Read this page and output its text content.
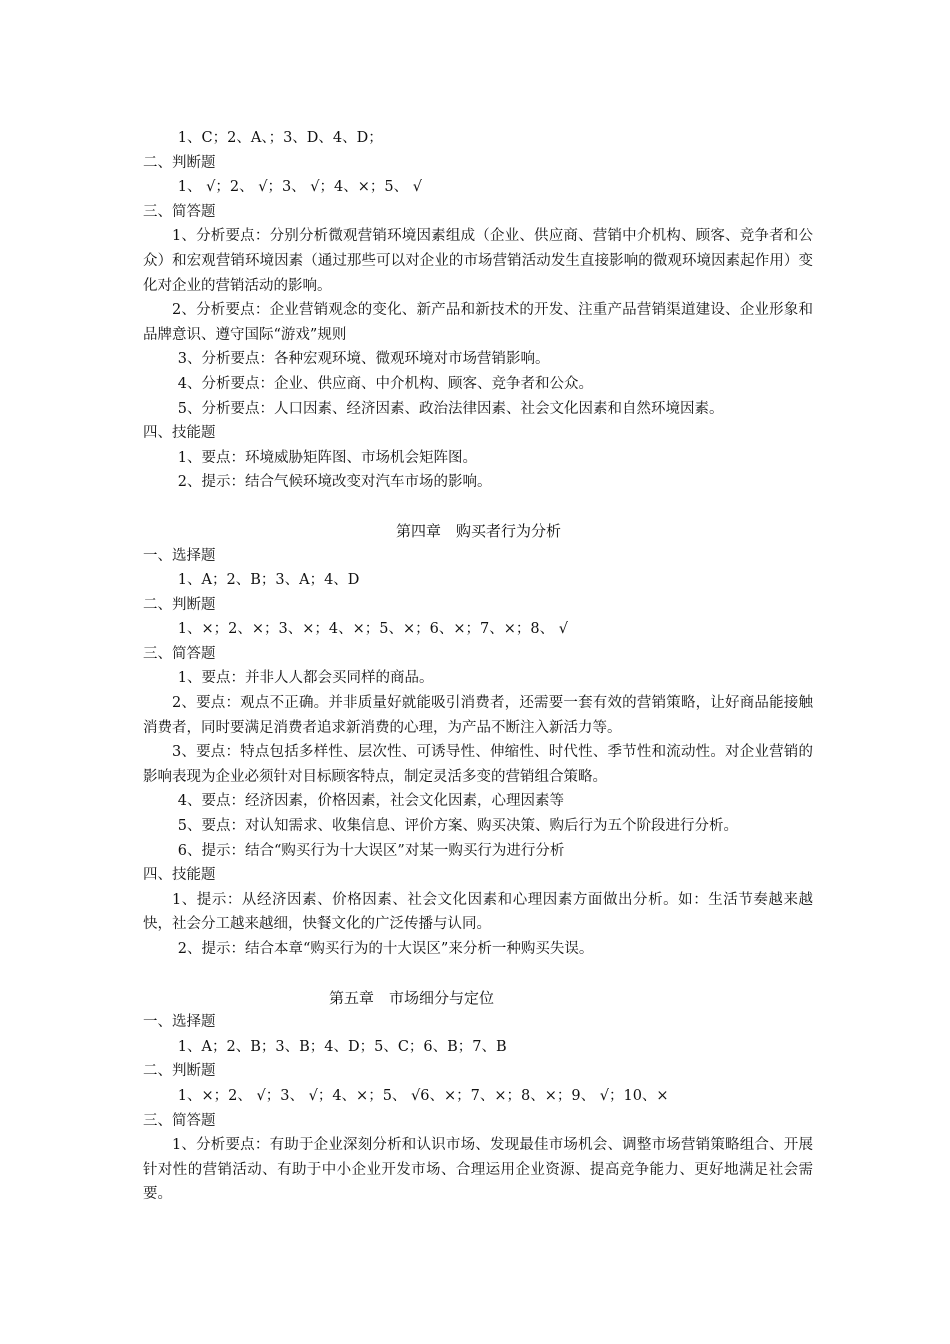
1、C；2、A、；3、D、4、D；
二、判断题
1、 √；2、 √；3、 √；4、×；5、 √
三、简答题
1、分析要点：分别分析微观营销环境因素组成（企业、供应商、营销中介机构、顾客、竞争者和公众）和宏观营销环境因素（通过那些可以对企业的市场营销活动发生直接影响的微观环境因素起作用）变化对企业的营销活动的影响。
2、分析要点：企业营销观念的变化、新产品和新技术的开发、注重产品营销渠道建设、企业形象和品牌意识、遵守国际“游戏”规则
3、分析要点：各种宏观环境、微观环境对市场营销影响。
4、分析要点：企业、供应商、中介机构、顾客、竞争者和公众。
5、分析要点：人口因素、经济因素、政治法律因素、社会文化因素和自然环境因素。
四、技能题
1、要点：环境威胁矩阵图、市场机会矩阵图。
2、提示：结合气候环境改变对汽车市场的影响。
第四章　购买者行为分析
一、选择题
1、A；2、B；3、A；4、D
二、判断题
1、×；2、×；3、×；4、×；5、×；6、×；7、×；8、 √
三、简答题
1、要点：并非人人都会买同样的商品。
2、要点：观点不正确。并非质量好就能吸引消费者，还需要一套有效的营销策略，让好商品能接触消费者，同时要满足消费者追求新消费的心理，为产品不断注入新活力等。
3、要点：特点包括多样性、层次性、可诱导性、伸缩性、时代性、季节性和流动性。对企业营销的影响表现为企业必须针对目标顾客特点，制定灵活多变的营销组合策略。
4、要点：经济因素，价格因素，社会文化因素，心理因素等
5、要点：对认知需求、收集信息、评价方案、购买决策、购后行为五个阶段进行分析。
6、提示：结合“购买行为十大误区”对某一购买行为进行分析
四、技能题
1、提示：从经济因素、价格因素、社会文化因素和心理因素方面做出分析。如：生活节奏越来越快，社会分工越来越细，快餐文化的广泛传播与认同。
2、提示：结合本章“购买行为的十大误区”来分析一种购买失误。
第五章　市场细分与定位
一、选择题
1、A；2、B；3、B；4、D；5、C；6、B；7、B
二、判断题
1、×；2、 √；3、 √；4、×；5、 √6、×；7、×；8、×；9、 √；10、×
三、简答题
1、分析要点：有助于企业深刻分析和认识市场、发现最佳市场机会、调整市场营销策略组合、开展针对性的营销活动、有助于中小企业开发市场、合理运用企业资源、提高竞争能力、更好地满足社会需要。
